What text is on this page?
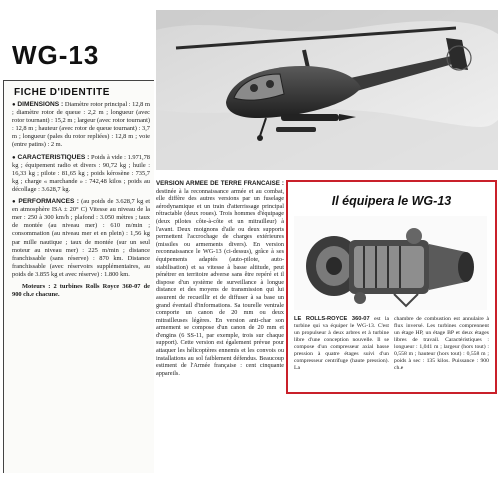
WG-13
FICHE D'IDENTITE

● DIMENSIONS : Diamètre rotor principal : 12,8 m ; diamètre rotor de queue : 2,2 m ; longueur (avec rotor tournant) : 15,2 m ; largeur (avec rotor tournant) : 12,8 m ; hauteur (avec rotor de queue tournant) : 3,7 m ; longueur (pales du rotor repliées) : 12,8 m ; voie (entre patins) : 2 m.

● CARACTERISTIQUES : Poids à vide : 1.971,78 kg ; équipement radio et divers : 90,72 kg ; huile : 16,33 kg ; pilote : 81,65 kg ; poids kérosène : 735,7 kg ; charge « marchande » : 742,48 kilos ; poids au décollage : 3.628,7 kg.

● PERFORMANCES : (au poids de 3.628,7 kg et en atmosphère ISA ± 20° C) Vitesse au niveau de la mer : 250 à 300 km/h ; plafond : 3.050 mètres ; taux de montée (au niveau mer) : 610 m/min ; consommation (au niveau mer et en plein) : 1,56 kg par mille nautique ; taux de montée (sur un seul moteur au niveau mer) : 225 m/min ; distance franchissable (sans réserve) : 870 km. Distance franchissable (avec réservoirs supplémentaires, au poids de 3.855 kg et avec réserve) : 1.800 km.

Moteurs : 2 turbines Rolls Royce 360-07 de 900 ch.e chacune.

VERSION ARMEE DE TERRE FRANCAISE : destinée à la reconnaissance armée et au combat, elle diffère des autres versions par un fuselage aérodynamique et un train d'atterrissage principal rétractable (deux roues). Trois hommes d'équipage (deux pilotes côte-à-côte et un mitrailleur) à l'avant. Deux moignons d'aile ou deux supports permettent l'accrochage de charges extérieures (missiles ou armements divers). En version reconnaissance le WG-13 (ci-dessus), grâce à ses équipements adaptés (auto-pilote, auto-stabilisation) et sa vitesse à basse altitude, peut pénétrer en territoire adverse sans être repéré et il dispose d'un système de surveillance à longue distance et des moyens de transmission qui lui assurent de recueillir et de diffuser à sa base un grand éventail d'informations. Sa tourelle ventrale comporte un canon de 20 mm ou deux mitrailleuses légères. En version anti-char son armement se compose d'un canon de 20 mm et d'engins (6 SS-11, par exemple, trois sur chaque support). Cette version est également prévue pour attaquer les hélicoptères ennemis et les convois ou installations au sol faiblement défendus. Beaucoup estiment de l'Armée française : cent cinquante appareils.

Il équipera le WG-13

LE ROLLS-ROYCE 360-07 est la turbine qui va équiper le WG-13. C'est un propulseur à deux arbres et à turbine libre d'une conception nouvelle. Il se compose d'un compresseur axial basse pression à quatre étages suivi d'un compresseur centrifuge (haute pression). La

chambre de combustion est annulaire à flux inversé. Les turbines comprennent un étage HP, un étage BP et deux étages libres de travail. Caractéristiques : longueur : 1,041 m ; largeur (hors tout) : 0,558 m ; hauteur (hors tout) : 0,558 m ; poids à sec : 135 kilos. Puissance : 900 ch.e
